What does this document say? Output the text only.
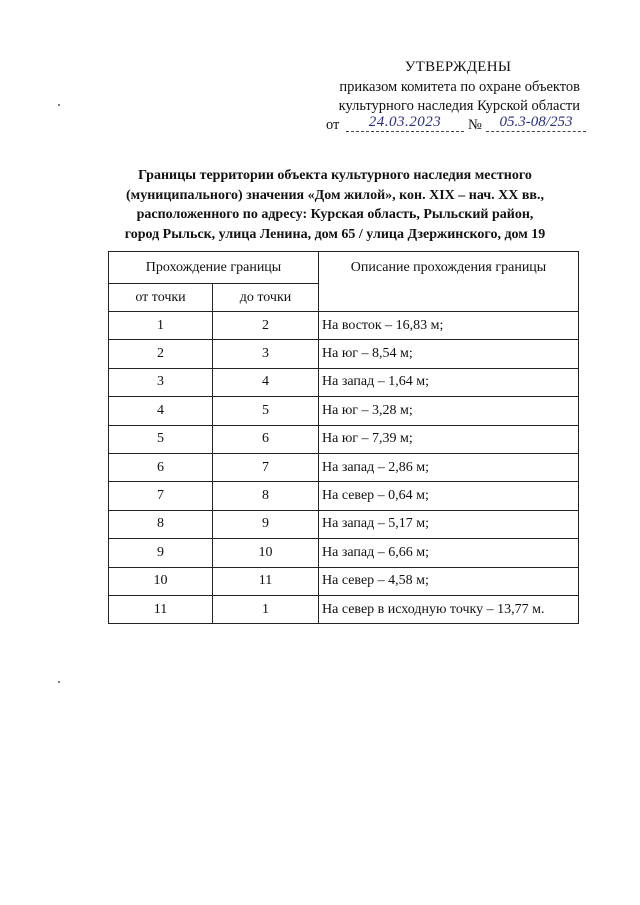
УТВЕРЖДЕНЫ
приказом комитета по охране объектов
культурного наследия Курской области
от	24.03.2023	№	05.3-08/253
Границы территории объекта культурного наследия местного
(муниципального) значения «Дом жилой», кон. XIX – нач. XX вв.,
расположенного по адресу: Курская область, Рыльский район,
город Рыльск, улица Ленина, дом 65 / улица Дзержинского, дом 19
Прохождение границы		Описание прохождения границы
от точки	до точки	
1	2	На восток – 16,83 м;
2	3	На юг – 8,54 м;
3	4	На запад – 1,64 м;
4	5	На юг – 3,28 м;
5	6	На юг – 7,39 м;
6	7	На запад – 2,86 м;
7	8	На север – 0,64 м;
8	9	На запад – 5,17 м;
9	10	На запад – 6,66 м;
10	11	На север – 4,58 м;
11	1	На север в исходную точку – 13,77 м.
